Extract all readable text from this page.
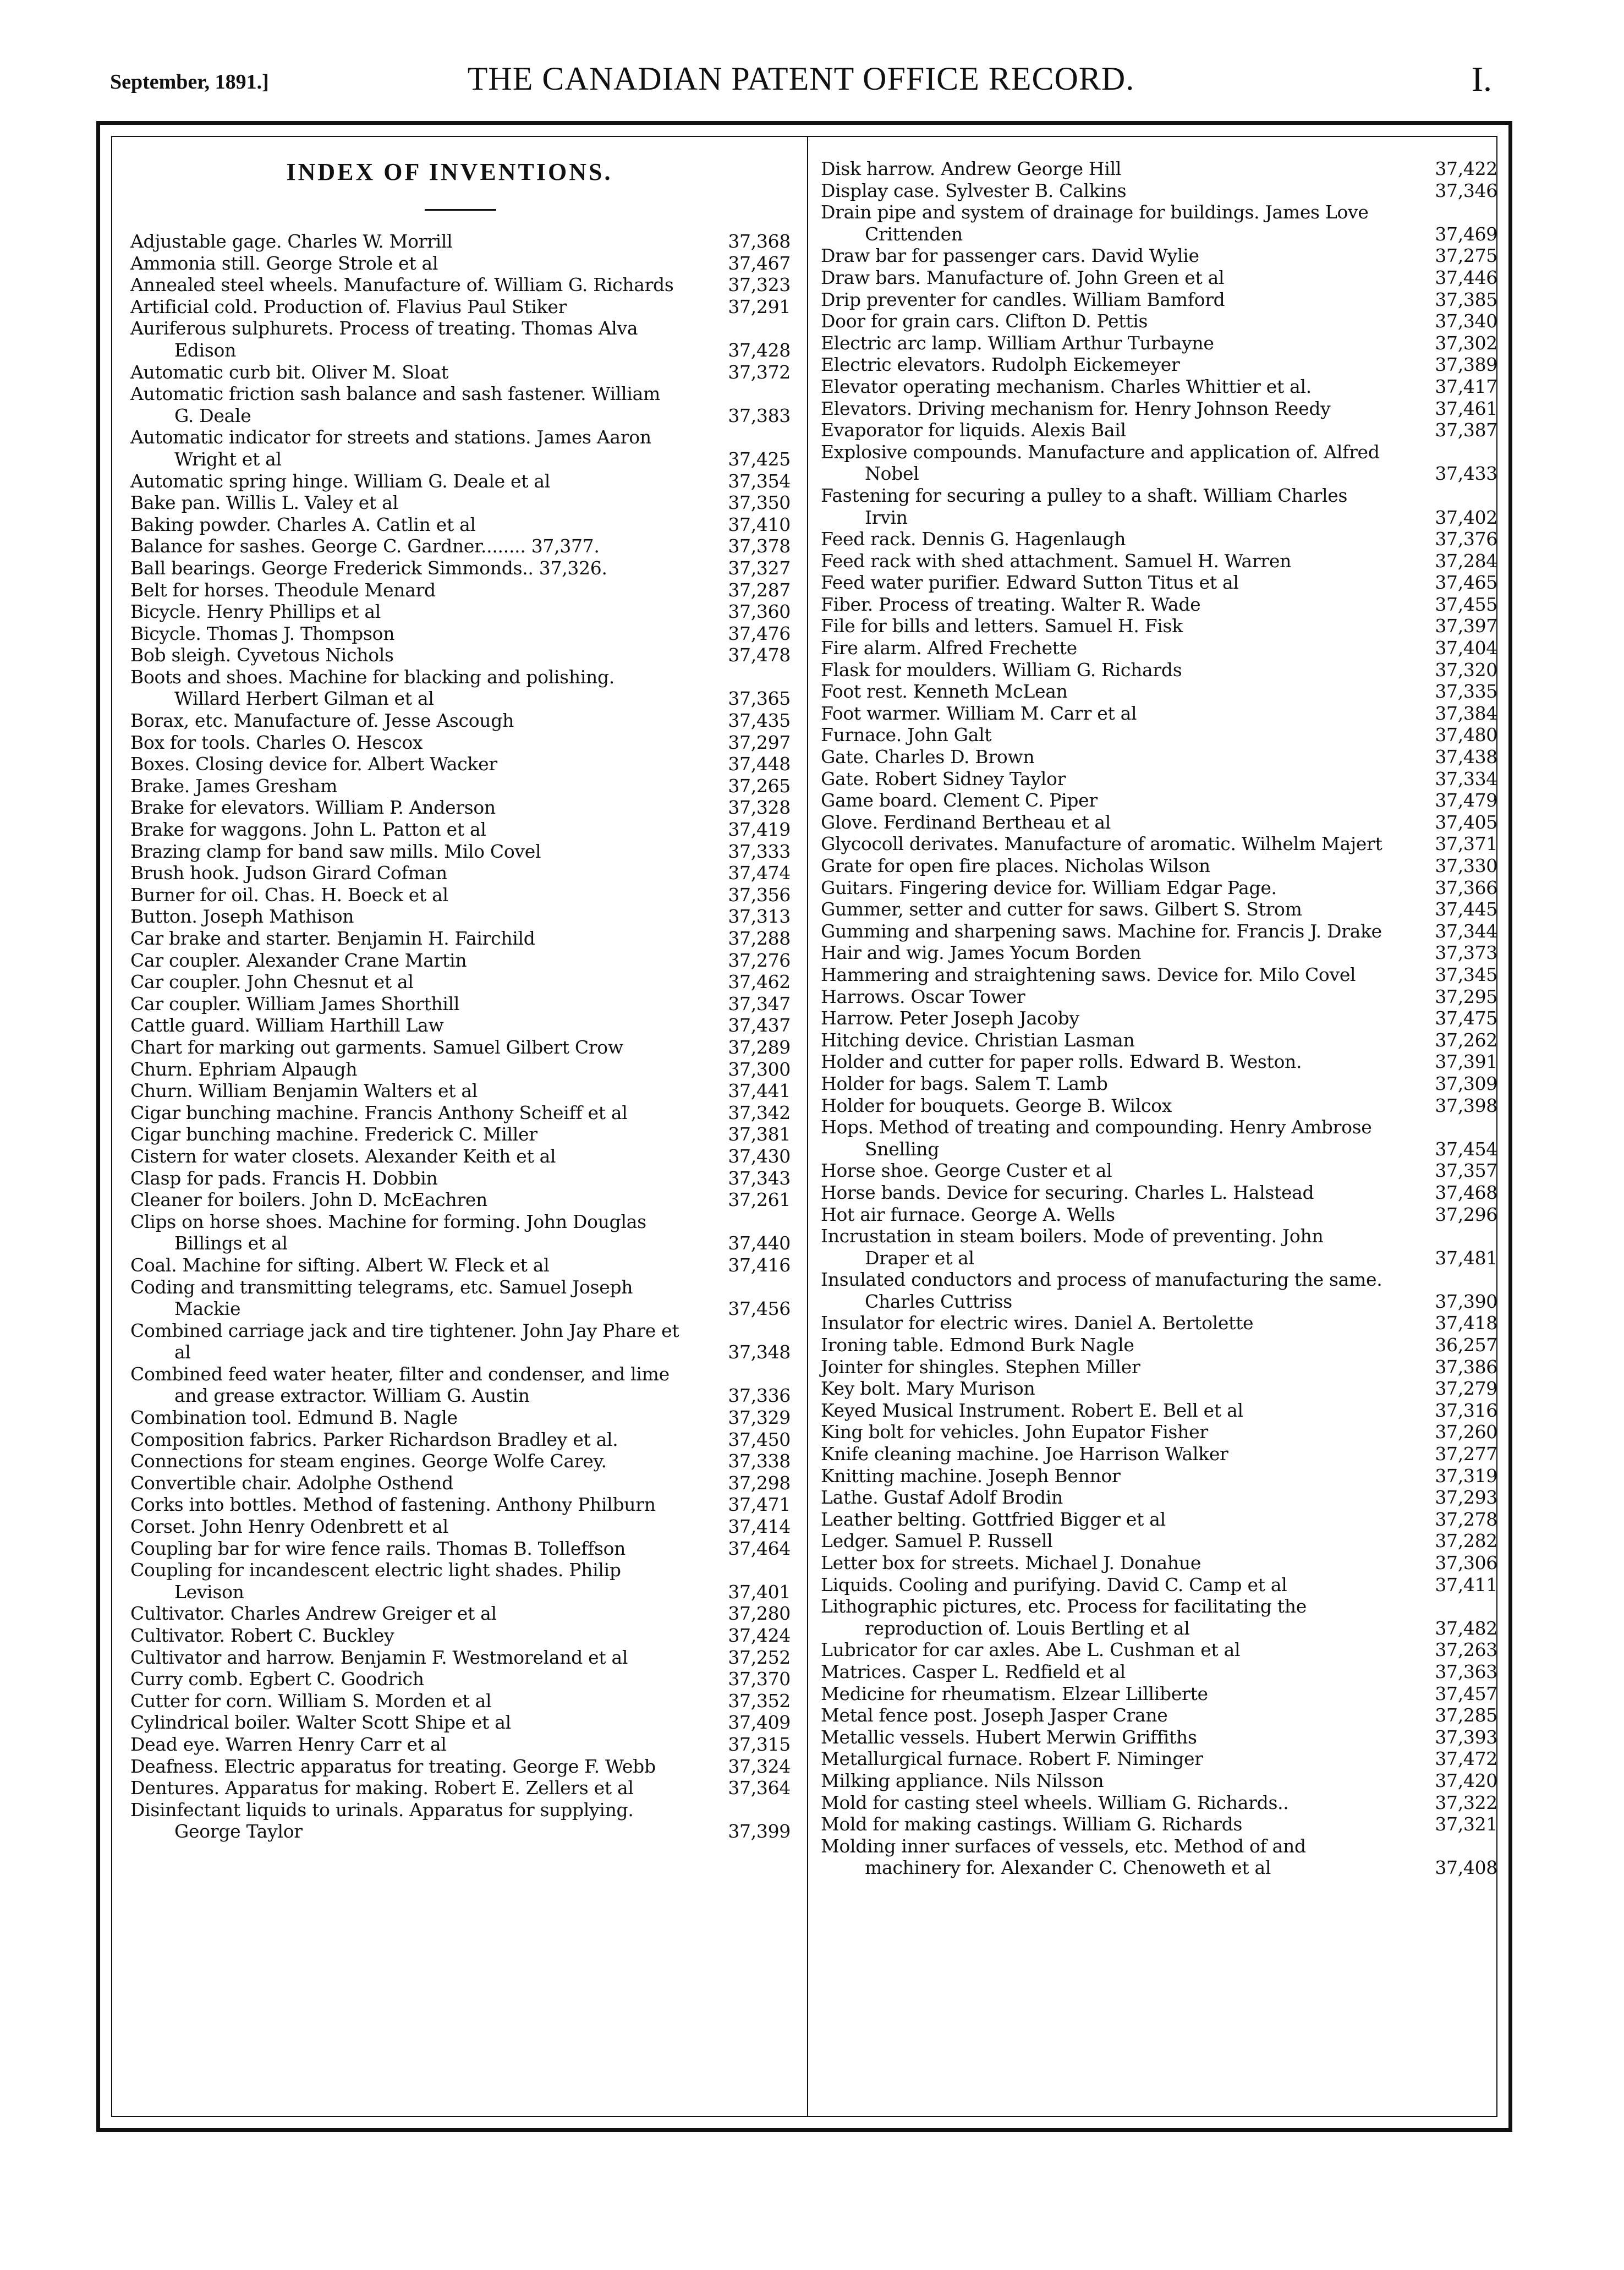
September, 1891.]	THE CANADIAN PATENT OFFICE RECORD.	I.
INDEX OF INVENTIONS.
Adjustable gage. Charles W. Morrill	37,368
Ammonia still. George Strole et al	37,467
Annealed steel wheels. Manufacture of. William G. Richards	37,323
Artificial cold. Production of. Flavius Paul Stiker	37,291
Auriferous sulphurets. Process of treating. Thomas Alva Edison	37,428
Automatic curb bit. Oliver M. Sloat	37,372
Automatic friction sash balance and sash fastener. William G. Deale	37,383
Automatic indicator for streets and stations. James Aaron Wright et al	37,425
Automatic spring hinge. William G. Deale et al	37,354
Bake pan. Willis L. Valey et al	37,350
Baking powder. Charles A. Catlin et al	37,410
Balance for sashes. George C. Gardner........ 37,377.	37,378
Ball bearings. George Frederick Simmonds.. 37,326.	37,327
Belt for horses. Theodule Menard	37,287
Bicycle. Henry Phillips et al	37,360
Bicycle. Thomas J. Thompson	37,476
Bob sleigh. Cyvetous Nichols	37,478
Boots and shoes. Machine for blacking and polishing. Willard Herbert Gilman et al	37,365
Borax, etc. Manufacture of. Jesse Ascough	37,435
Box for tools. Charles O. Hescox	37,297
Boxes. Closing device for. Albert Wacker	37,448
Brake. James Gresham	37,265
Brake for elevators. William P. Anderson	37,328
Brake for waggons. John L. Patton et al	37,419
Brazing clamp for band saw mills. Milo Covel	37,333
Brush hook. Judson Girard Cofman	37,474
Burner for oil. Chas. H. Boeck et al	37,356
Button. Joseph Mathison	37,313
Car brake and starter. Benjamin H. Fairchild	37,288
Car coupler. Alexander Crane Martin	37,276
Car coupler. John Chesnut et al	37,462
Car coupler. William James Shorthill	37,347
Cattle guard. William Harthill Law	37,437
Chart for marking out garments. Samuel Gilbert Crow	37,289
Churn. Ephriam Alpaugh	37,300
Churn. William Benjamin Walters et al	37,441
Cigar bunching machine. Francis Anthony Scheiff et al	37,342
Cigar bunching machine. Frederick C. Miller	37,381
Cistern for water closets. Alexander Keith et al	37,430
Clasp for pads. Francis H. Dobbin	37,343
Cleaner for boilers. John D. McEachren	37,261
Clips on horse shoes. Machine for forming. John Douglas Billings et al	37,440
Coal. Machine for sifting. Albert W. Fleck et al	37,416
Coding and transmitting telegrams, etc. Samuel Joseph Mackie	37,456
Combined carriage jack and tire tightener. John Jay Phare et al	37,348
Combined feed water heater, filter and condenser, and lime and grease extractor. William G. Austin	37,336
Combination tool. Edmund B. Nagle	37,329
Composition fabrics. Parker Richardson Bradley et al.	37,450
Connections for steam engines. George Wolfe Carey.	37,338
Convertible chair. Adolphe Osthend	37,298
Corks into bottles. Method of fastening. Anthony Philburn	37,471
Corset. John Henry Odenbrett et al	37,414
Coupling bar for wire fence rails. Thomas B. Tolleffson	37,464
Coupling for incandescent electric light shades. Philip Levison	37,401
Cultivator. Charles Andrew Greiger et al	37,280
Cultivator. Robert C. Buckley	37,424
Cultivator and harrow. Benjamin F. Westmoreland et al	37,252
Curry comb. Egbert C. Goodrich	37,370
Cutter for corn. William S. Morden et al	37,352
Cylindrical boiler. Walter Scott Shipe et al	37,409
Dead eye. Warren Henry Carr et al	37,315
Deafness. Electric apparatus for treating. George F. Webb	37,324
Dentures. Apparatus for making. Robert E. Zellers et al	37,364
Disinfectant liquids to urinals. Apparatus for supplying. George Taylor	37,399
Disk harrow. Andrew George Hill	37,422
Display case. Sylvester B. Calkins	37,346
Drain pipe and system of drainage for buildings. James Love Crittenden	37,469
Draw bar for passenger cars. David Wylie	37,275
Draw bars. Manufacture of. John Green et al	37,446
Drip preventer for candles. William Bamford	37,385
Door for grain cars. Clifton D. Pettis	37,340
Electric arc lamp. William Arthur Turbayne	37,302
Electric elevators. Rudolph Eickemeyer	37,389
Elevator operating mechanism. Charles Whittier et al.	37,417
Elevators. Driving mechanism for. Henry Johnson Reedy	37,461
Evaporator for liquids. Alexis Bail	37,387
Explosive compounds. Manufacture and application of. Alfred Nobel	37,433
Fastening for securing a pulley to a shaft. William Charles Irvin	37,402
Feed rack. Dennis G. Hagenlaugh	37,376
Feed rack with shed attachment. Samuel H. Warren	37,284
Feed water purifier. Edward Sutton Titus et al	37,465
Fiber. Process of treating. Walter R. Wade	37,455
File for bills and letters. Samuel H. Fisk	37,397
Fire alarm. Alfred Frechette	37,404
Flask for moulders. William G. Richards	37,320
Foot rest. Kenneth McLean	37,335
Foot warmer. William M. Carr et al	37,384
Furnace. John Galt	37,480
Gate. Charles D. Brown	37,438
Gate. Robert Sidney Taylor	37,334
Game board. Clement C. Piper	37,479
Glove. Ferdinand Bertheau et al	37,405
Glycocoll derivates. Manufacture of aromatic. Wilhelm Majert	37,371
Grate for open fire places. Nicholas Wilson	37,330
Guitars. Fingering device for. William Edgar Page.	37,366
Gummer, setter and cutter for saws. Gilbert S. Strom	37,445
Gumming and sharpening saws. Machine for. Francis J. Drake	37,344
Hair and wig. James Yocum Borden	37,373
Hammering and straightening saws. Device for. Milo Covel	37,345
Harrows. Oscar Tower	37,295
Harrow. Peter Joseph Jacoby	37,475
Hitching device. Christian Lasman	37,262
Holder and cutter for paper rolls. Edward B. Weston.	37,391
Holder for bags. Salem T. Lamb	37,309
Holder for bouquets. George B. Wilcox	37,398
Hops. Method of treating and compounding. Henry Ambrose Snelling	37,454
Horse shoe. George Custer et al	37,357
Horse bands. Device for securing. Charles L. Halstead	37,468
Hot air furnace. George A. Wells	37,296
Incrustation in steam boilers. Mode of preventing. John Draper et al	37,481
Insulated conductors and process of manufacturing the same. Charles Cuttriss	37,390
Insulator for electric wires. Daniel A. Bertolette	37,418
Ironing table. Edmond Burk Nagle	36,257
Jointer for shingles. Stephen Miller	37,386
Key bolt. Mary Murison	37,279
Keyed Musical Instrument. Robert E. Bell et al	37,316
King bolt for vehicles. John Eupator Fisher	37,260
Knife cleaning machine. Joe Harrison Walker	37,277
Knitting machine. Joseph Bennor	37,319
Lathe. Gustaf Adolf Brodin	37,293
Leather belting. Gottfried Bigger et al	37,278
Ledger. Samuel P. Russell	37,282
Letter box for streets. Michael J. Donahue	37,306
Liquids. Cooling and purifying. David C. Camp et al	37,411
Lithographic pictures, etc. Process for facilitating the reproduction of. Louis Bertling et al	37,482
Lubricator for car axles. Abe L. Cushman et al	37,263
Matrices. Casper L. Redfield et al	37,363
Medicine for rheumatism. Elzear Lilliberte	37,457
Metal fence post. Joseph Jasper Crane	37,285
Metallic vessels. Hubert Merwin Griffiths	37,393
Metallurgical furnace. Robert F. Niminger	37,472
Milking appliance. Nils Nilsson	37,420
Mold for casting steel wheels. William G. Richards..	37,322
Mold for making castings. William G. Richards	37,321
Molding inner surfaces of vessels, etc. Method of and machinery for. Alexander C. Chenoweth et al	37,408
